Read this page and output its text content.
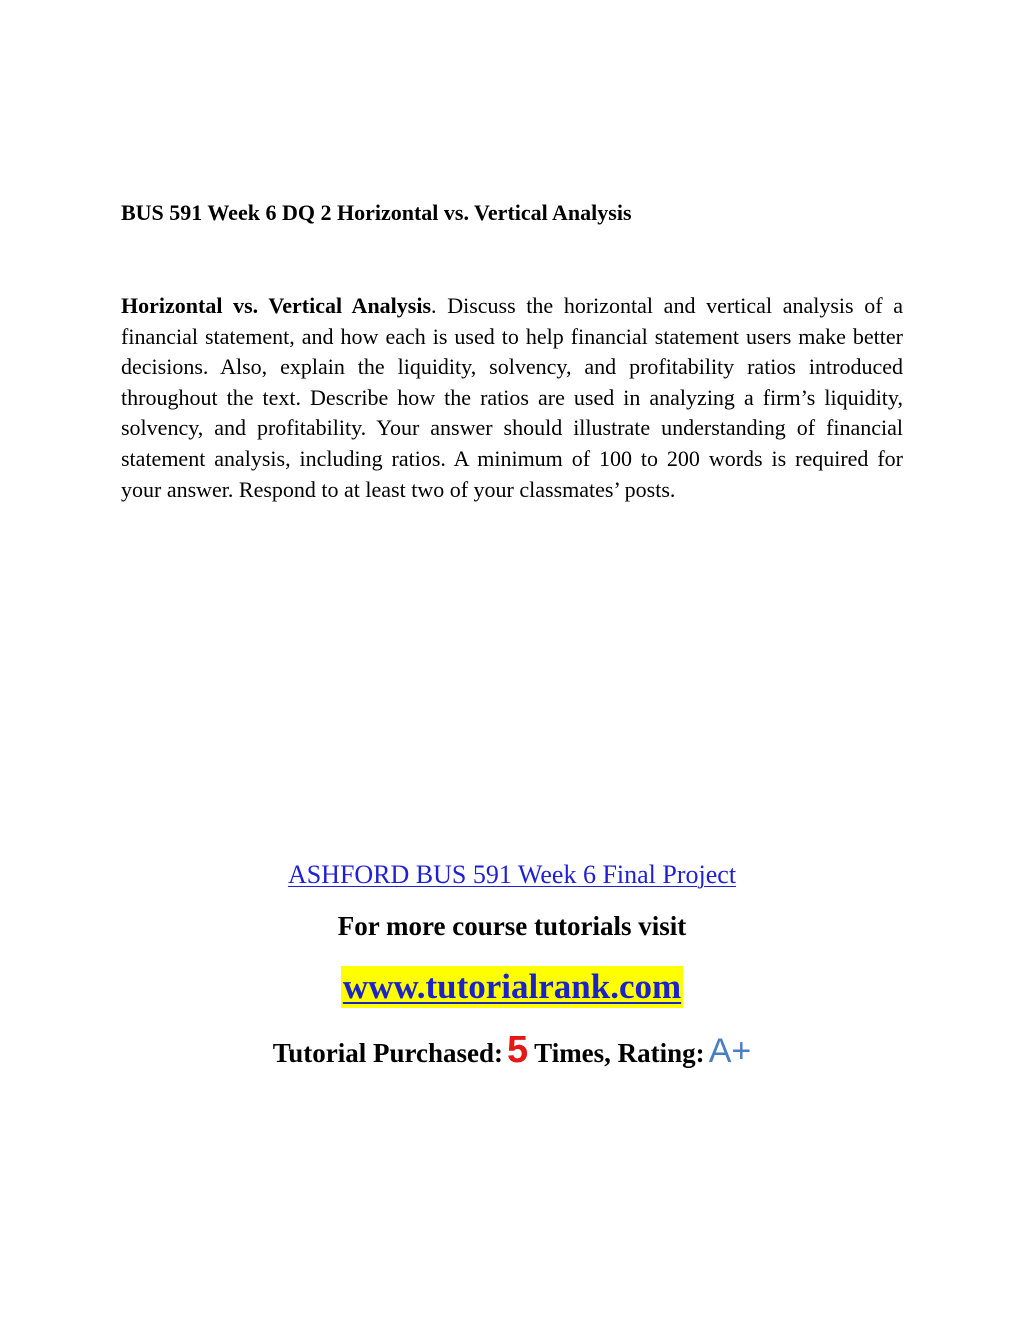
BUS 591 Week 6 DQ 2 Horizontal vs. Vertical Analysis

Horizontal vs. Vertical Analysis. Discuss the horizontal and vertical analysis of a financial statement, and how each is used to help financial statement users make better decisions. Also, explain the liquidity, solvency, and profitability ratios introduced throughout the text. Describe how the ratios are used in analyzing a firm’s liquidity, solvency, and profitability. Your answer should illustrate understanding of financial statement analysis, including ratios. A minimum of 100 to 200 words is required for your answer. Respond to at least two of your classmates’ posts.

ASHFORD BUS 591 Week 6 Final Project
For more course tutorials visit
www.tutorialrank.com
Tutorial Purchased: 5 Times, Rating: A+
